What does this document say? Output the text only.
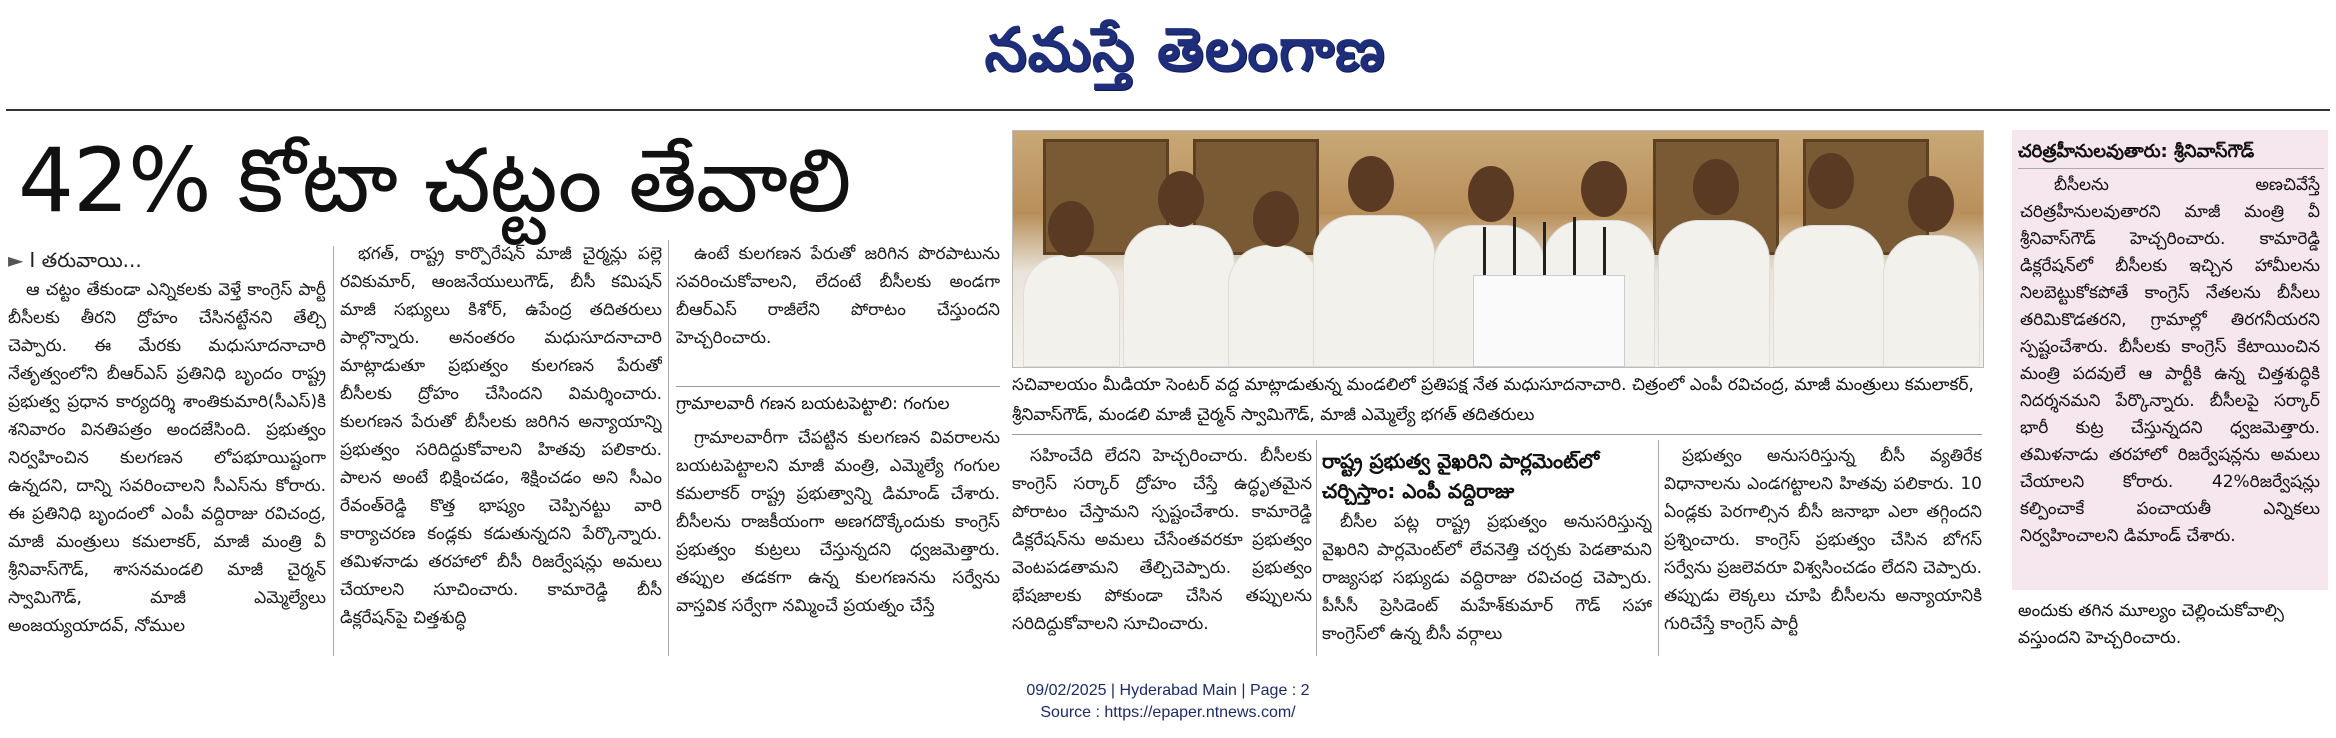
నమస్తే తెలంగాణ
42% కోటా చట్టం తేవాలి
► I తరువాయి...

ఆ చట్టం తేకుండా ఎన్నికలకు వెళ్తే కాంగ్రెస్ పార్టీ బీసీలకు తీరని ద్రోహం చేసినట్టేనని తేల్చి చెప్పారు. ఈ మేరకు మధుసూదనాచారి నేతృత్వంలోని బీఆర్ఎస్ ప్రతినిధి బృందం రాష్ట్ర ప్రభుత్వ ప్రధాన కార్యదర్శి శాంతికుమారి(సీఎస్)కి శనివారం వినతిపత్రం అందజేసింది. ప్రభుత్వం నిర్వహించిన కులగణన లోపభూయిష్టంగా ఉన్నదని, దాన్ని సవరించాలని సీఎస్‌ను కోరారు. ఈ ప్రతినిధి బృందంలో ఎంపీ వద్దిరాజు రవిచంద్ర, మాజీ మంత్రులు కమలాకర్, మాజీ మంత్రి వీ శ్రీనివాస్‌గౌడ్, శాసనమండలి మాజీ చైర్మన్ స్వామిగౌడ్, మాజీ ఎమ్మెల్యేలు అంజయ్యయాదవ్, నోముల

భగత్, రాష్ట్ర కార్పొరేషన్ మాజీ చైర్మన్లు పల్లె రవికుమార్, ఆంజనేయులుగౌడ్, బీసీ కమిషన్ మాజీ సభ్యులు కిశోర్, ఉపేంద్ర తదితరులు పాల్గొన్నారు. అనంతరం మధుసూదనాచారి మాట్లాడుతూ ప్రభుత్వం కులగణన పేరుతో బీసీలకు ద్రోహం చేసిందని విమర్శించారు. కులగణన పేరుతో బీసీలకు జరిగిన అన్యాయాన్ని ప్రభుత్వం సరిదిద్దుకోవాలని హితవు పలికారు. పాలన అంటే భిక్షించడం, శిక్షించడం అని సీఎం రేవంత్‌రెడ్డి కొత్త భాష్యం చెప్పినట్టు వారి కార్యాచరణ కండ్లకు కడుతున్నదని పేర్కొన్నారు. తమిళనాడు తరహాలో బీసీ రిజర్వేషన్లు అమలు చేయాలని సూచించారు. కామారెడ్డి బీసీ డిక్లరేషన్‌పై చిత్తశుద్ధి

ఉంటే కులగణన పేరుతో జరిగిన పొరపాటును సవరించుకోవాలని, లేదంటే బీసీలకు అండగా బీఆర్ఎస్ రాజీలేని పోరాటం చేస్తుందని హెచ్చరించారు.

గ్రామాలవారీ గణన బయటపెట్టాలి: గంగుల

గ్రామాలవారీగా చేపట్టిన కులగణన వివరాలను బయటపెట్టాలని మాజీ మంత్రి, ఎమ్మెల్యే గంగుల కమలాకర్ రాష్ట్ర ప్రభుత్వాన్ని డిమాండ్ చేశారు. బీసీలను రాజకీయంగా అణగదొక్కేందుకు కాంగ్రెస్ ప్రభుత్వం కుట్రలు చేస్తున్నదని ధ్వజమెత్తారు. తప్పుల తడకగా ఉన్న కులగణనను సర్వేను వాస్తవిక సర్వేగా నమ్మించే ప్రయత్నం చేస్తే

సచివాలయం మీడియా సెంటర్ వద్ద మాట్లాడుతున్న మండలిలో ప్రతిపక్ష నేత మధుసూదనాచారి. చిత్రంలో ఎంపీ రవిచంద్ర, మాజీ మంత్రులు కమలాకర్, శ్రీనివాస్‌గౌడ్, మండలి మాజీ చైర్మన్ స్వామిగౌడ్, మాజీ ఎమ్మెల్యే భగత్ తదితరులు
రాష్ట్ర ప్రభుత్వ వైఖరిని పార్లమెంట్‌లో చర్చిస్తాం: ఎంపీ వద్దిరాజు

సహించేది లేదని హెచ్చరించారు. బీసీలకు కాంగ్రెస్ సర్కార్ ద్రోహం చేస్తే ఉద్ధృతమైన పోరాటం చేస్తామని స్పష్టంచేశారు. కామారెడ్డి డిక్లరేషన్‌ను అమలు చేసేంతవరకూ ప్రభుత్వం వెంటపడతామని తేల్చిచెప్పారు. ప్రభుత్వం భేషజాలకు పోకుండా చేసిన తప్పులను సరిదిద్దుకోవాలని సూచించారు.

బీసీల పట్ల రాష్ట్ర ప్రభుత్వం అనుసరిస్తున్న వైఖరిని పార్లమెంట్‌లో లేవనెత్తి చర్చకు పెడతామని రాజ్యసభ సభ్యుడు వద్దిరాజు రవిచంద్ర చెప్పారు. పీసీసీ ప్రెసిడెంట్ మహేశ్‌కుమార్ గౌడ్ సహా కాంగ్రెస్‌లో ఉన్న బీసీ వర్గాలు

ప్రభుత్వం అనుసరిస్తున్న బీసీ వ్యతిరేక విధానాలను ఎండగట్టాలని హితవు పలికారు. 10 ఏండ్లకు పెరగాల్సిన బీసీ జనాభా ఎలా తగ్గిందని ప్రశ్నించారు. కాంగ్రెస్ ప్రభుత్వం చేసిన బోగస్ సర్వేను ప్రజలెవరూ విశ్వసించడం లేదని చెప్పారు. తప్పుడు లెక్కలు చూపి బీసీలను అన్యాయానికి గురిచేస్తే కాంగ్రెస్ పార్టీ

చరిత్రహీనులవుతారు: శ్రీనివాస్‌గౌడ్

బీసీలను అణచివేస్తే చరిత్రహీనులవుతారని మాజీ మంత్రి వీ శ్రీనివాస్‌గౌడ్ హెచ్చరించారు. కామారెడ్డి డిక్లరేషన్‌లో బీసీలకు ఇచ్చిన హామీలను నిలబెట్టుకోకపోతే కాంగ్రెస్ నేతలను బీసీలు తరిమికొడతరని, గ్రామాల్లో తిరగనీయరని స్పష్టంచేశారు. బీసీలకు కాంగ్రెస్ కేటాయించిన మంత్రి పదవులే ఆ పార్టీకి ఉన్న చిత్తశుద్ధికి నిదర్శనమని పేర్కొన్నారు. బీసీలపై సర్కార్ భారీ కుట్ర చేస్తున్నదని ధ్వజమెత్తారు. తమిళనాడు తరహాలో రిజర్వేషన్లను అమలు చేయాలని కోరారు. 42%రిజర్వేషన్లు కల్పించాకే పంచాయతీ ఎన్నికలు నిర్వహించాలని డిమాండ్ చేశారు.

అందుకు తగిన మూల్యం చెల్లించుకోవాల్సి వస్తుందని హెచ్చరించారు.
09/02/2025 | Hyderabad Main | Page : 2
Source : https://epaper.ntnews.com/
